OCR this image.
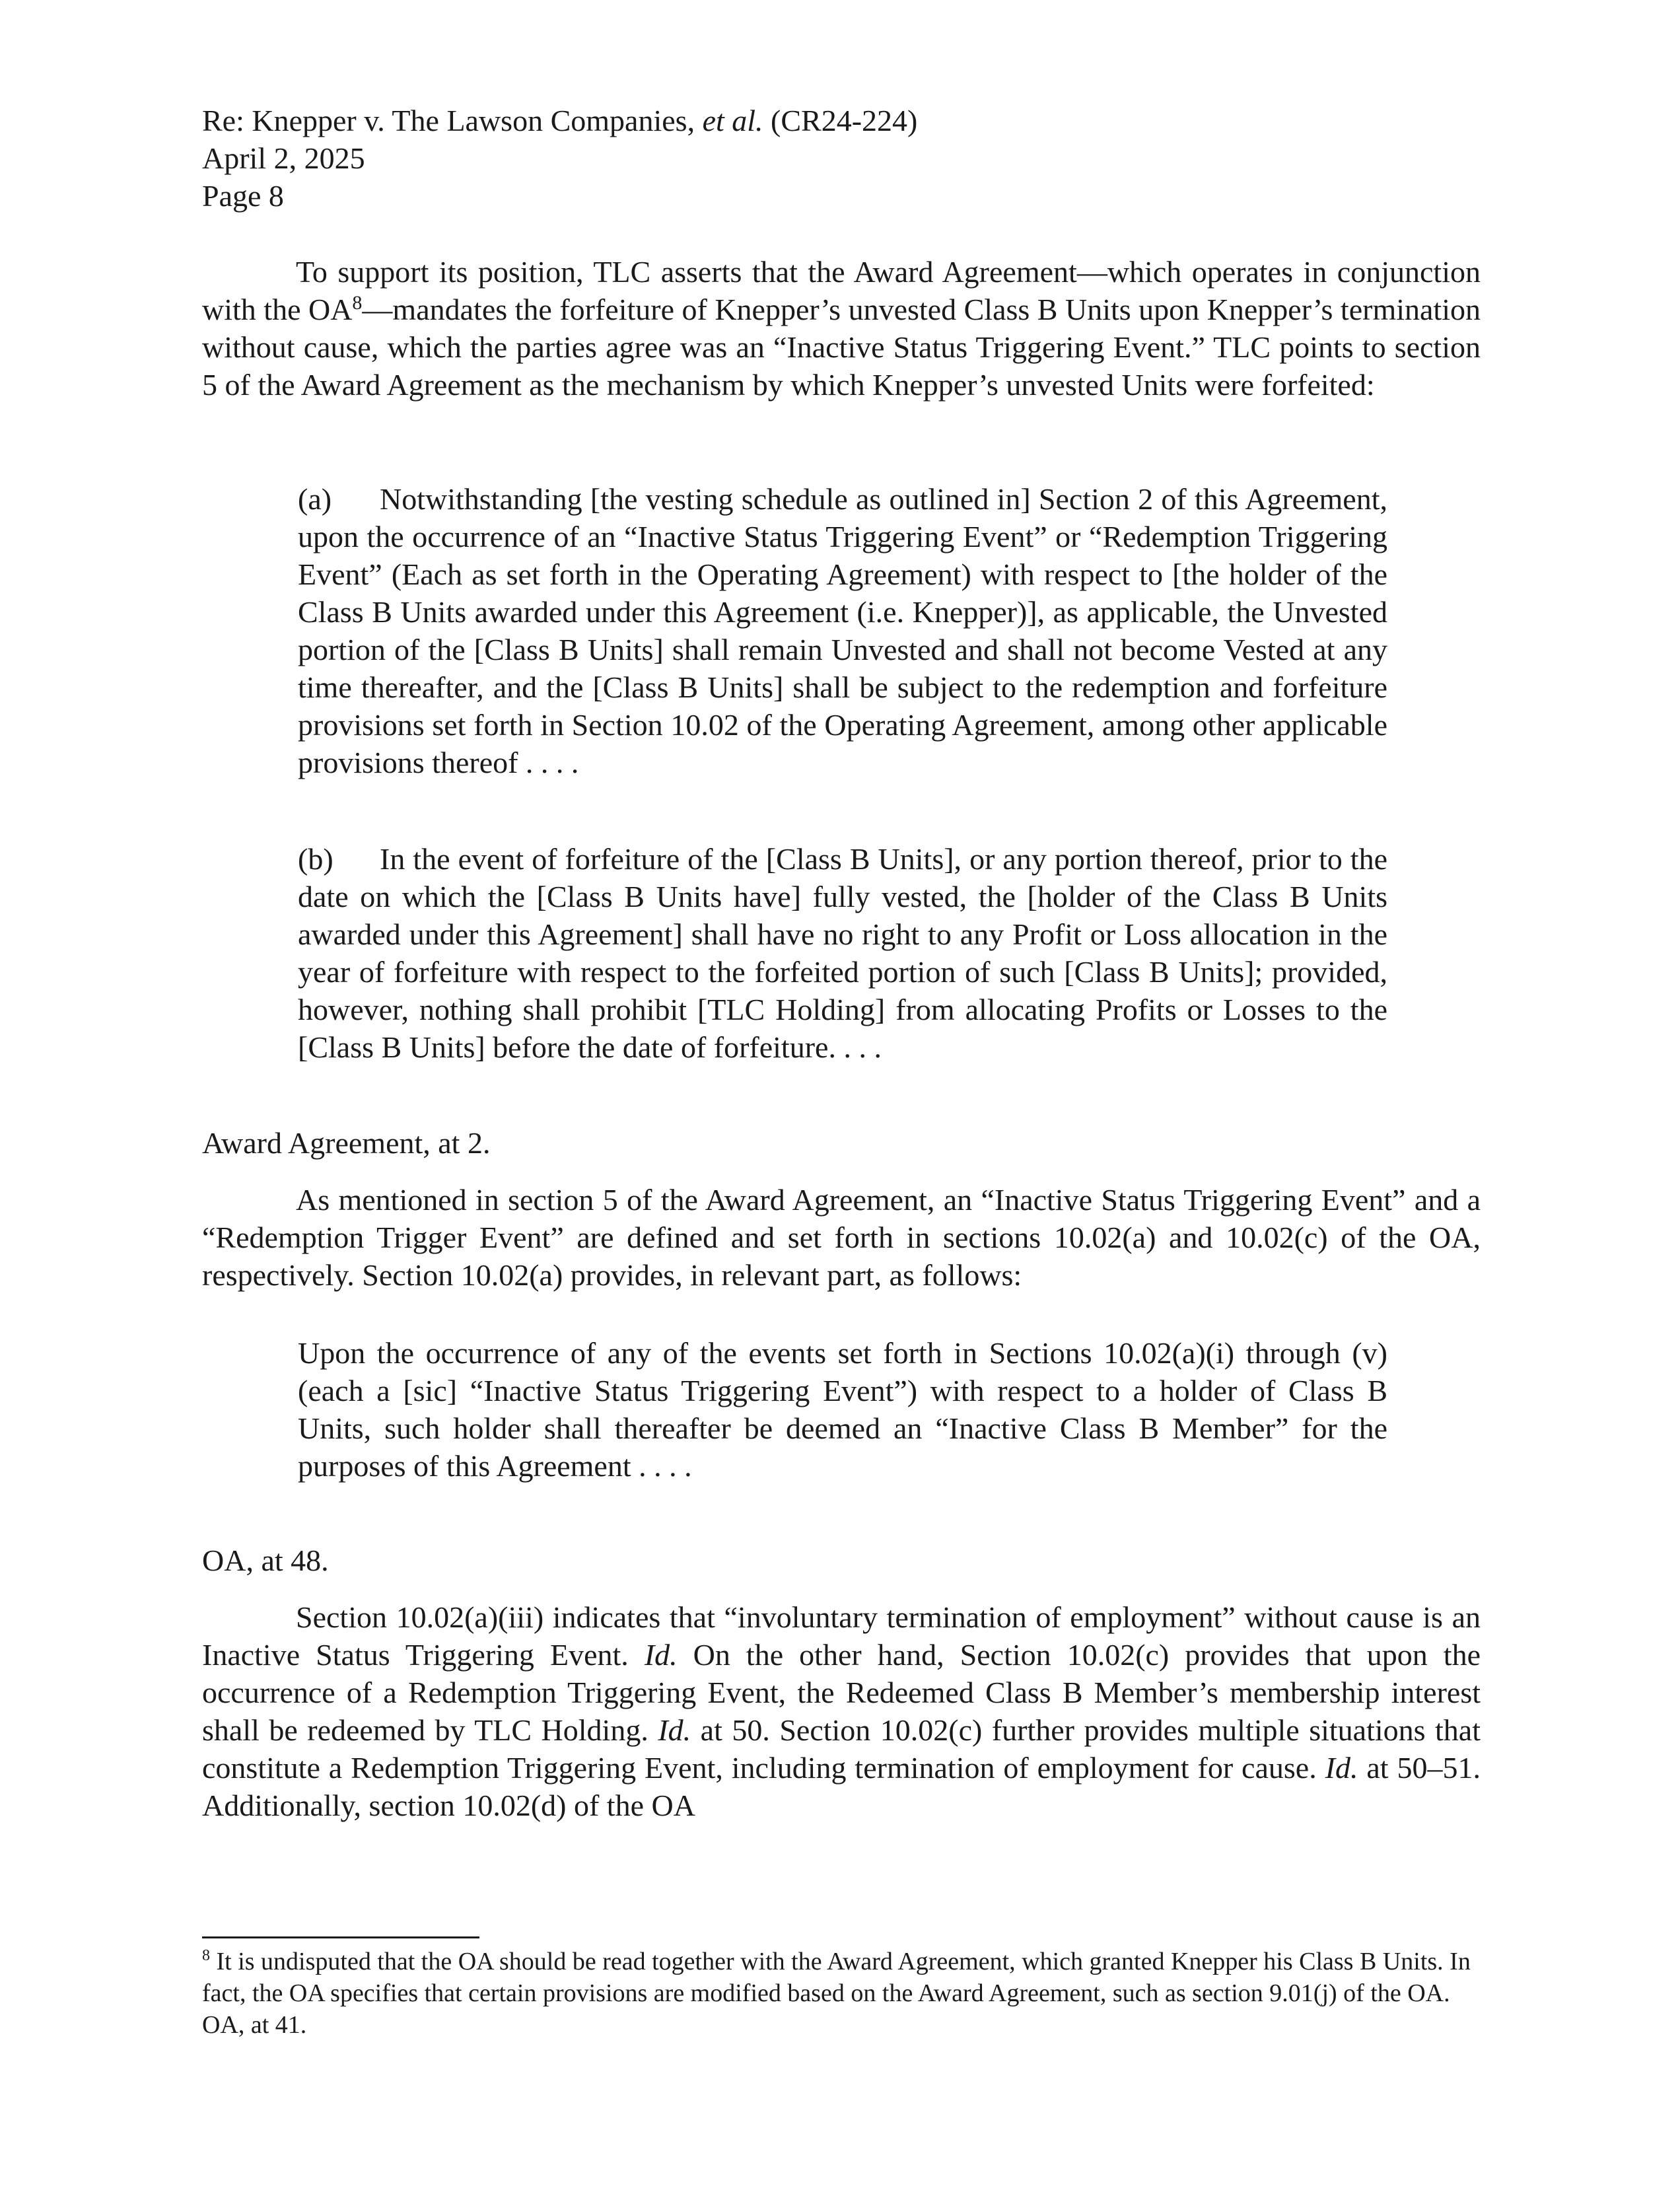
Re: Knepper v. The Lawson Companies, et al. (CR24-224)
April 2, 2025
Page 8

To support its position, TLC asserts that the Award Agreement—which operates in conjunction with the $OA^8—mandates$ the forfeiture of Knepper’s unvested Class B Units upon Knepper’s termination without cause, which the parties agree was an “Inactive Status Triggering Event.” TLC points to section 5 of the Award Agreement as the mechanism by which Knepper’s unvested Units were forfeited:

(a) Notwithstanding [the vesting schedule as outlined in] Section 2 of this Agreement, upon the occurrence of an “Inactive Status Triggering Event” or “Redemption Triggering Event” (Each as set forth in the Operating Agreement) with respect to [the holder of the Class B Units awarded under this Agreement (i.e. Knepper)], as applicable, the Unvested portion of the [Class B Units] shall remain Unvested and shall not become Vested at any time thereafter, and the [Class B Units] shall be subject to the redemption and forfeiture provisions set forth in Section 10.02 of the Operating Agreement, among other applicable provisions thereof . . . .

(b) In the event of forfeiture of the [Class B Units], or any portion thereof, prior to the date on which the [Class B Units have] fully vested, the [holder of the Class B Units awarded under this Agreement] shall have no right to any Profit or Loss allocation in the year of forfeiture with respect to the forfeited portion of such [Class B Units]; provided, however, nothing shall prohibit [TLC Holding] from allocating Profits or Losses to the [Class B Units] before the date of forfeiture. . . .

Award Agreement, at 2.

As mentioned in section 5 of the Award Agreement, an “Inactive Status Triggering Event” and a “Redemption Trigger Event” are defined and set forth in sections 10.02(a) and 10.02(c) of the OA, respectively. Section 10.02(a) provides, in relevant part, as follows:

Upon the occurrence of any of the events set forth in Sections 10.02(a)(i) through (v) (each a [sic] “Inactive Status Triggering Event”) with respect to a holder of Class B Units, such holder shall thereafter be deemed an “Inactive Class B Member” for the purposes of this Agreement . . . .

OA, at 48.

Section 10.02(a)(iii) indicates that “involuntary termination of employment” without cause is an Inactive Status Triggering Event. Id. On the other hand, Section 10.02(c) provides that upon the occurrence of a Redemption Triggering Event, the Redeemed Class B Member’s membership interest shall be redeemed by TLC Holding. Id. at 50. Section 10.02(c) further provides multiple situations that constitute a Redemption Triggering Event, including termination of employment for cause. Id. at 50–51. Additionally, section 10.02(d) of the OA

$^8$ It is undisputed that the OA should be read together with the Award Agreement, which granted Knepper his Class B Units. In fact, the OA specifies that certain provisions are modified based on the Award Agreement, such as section 9.01(j) of the OA. OA, at 41.
